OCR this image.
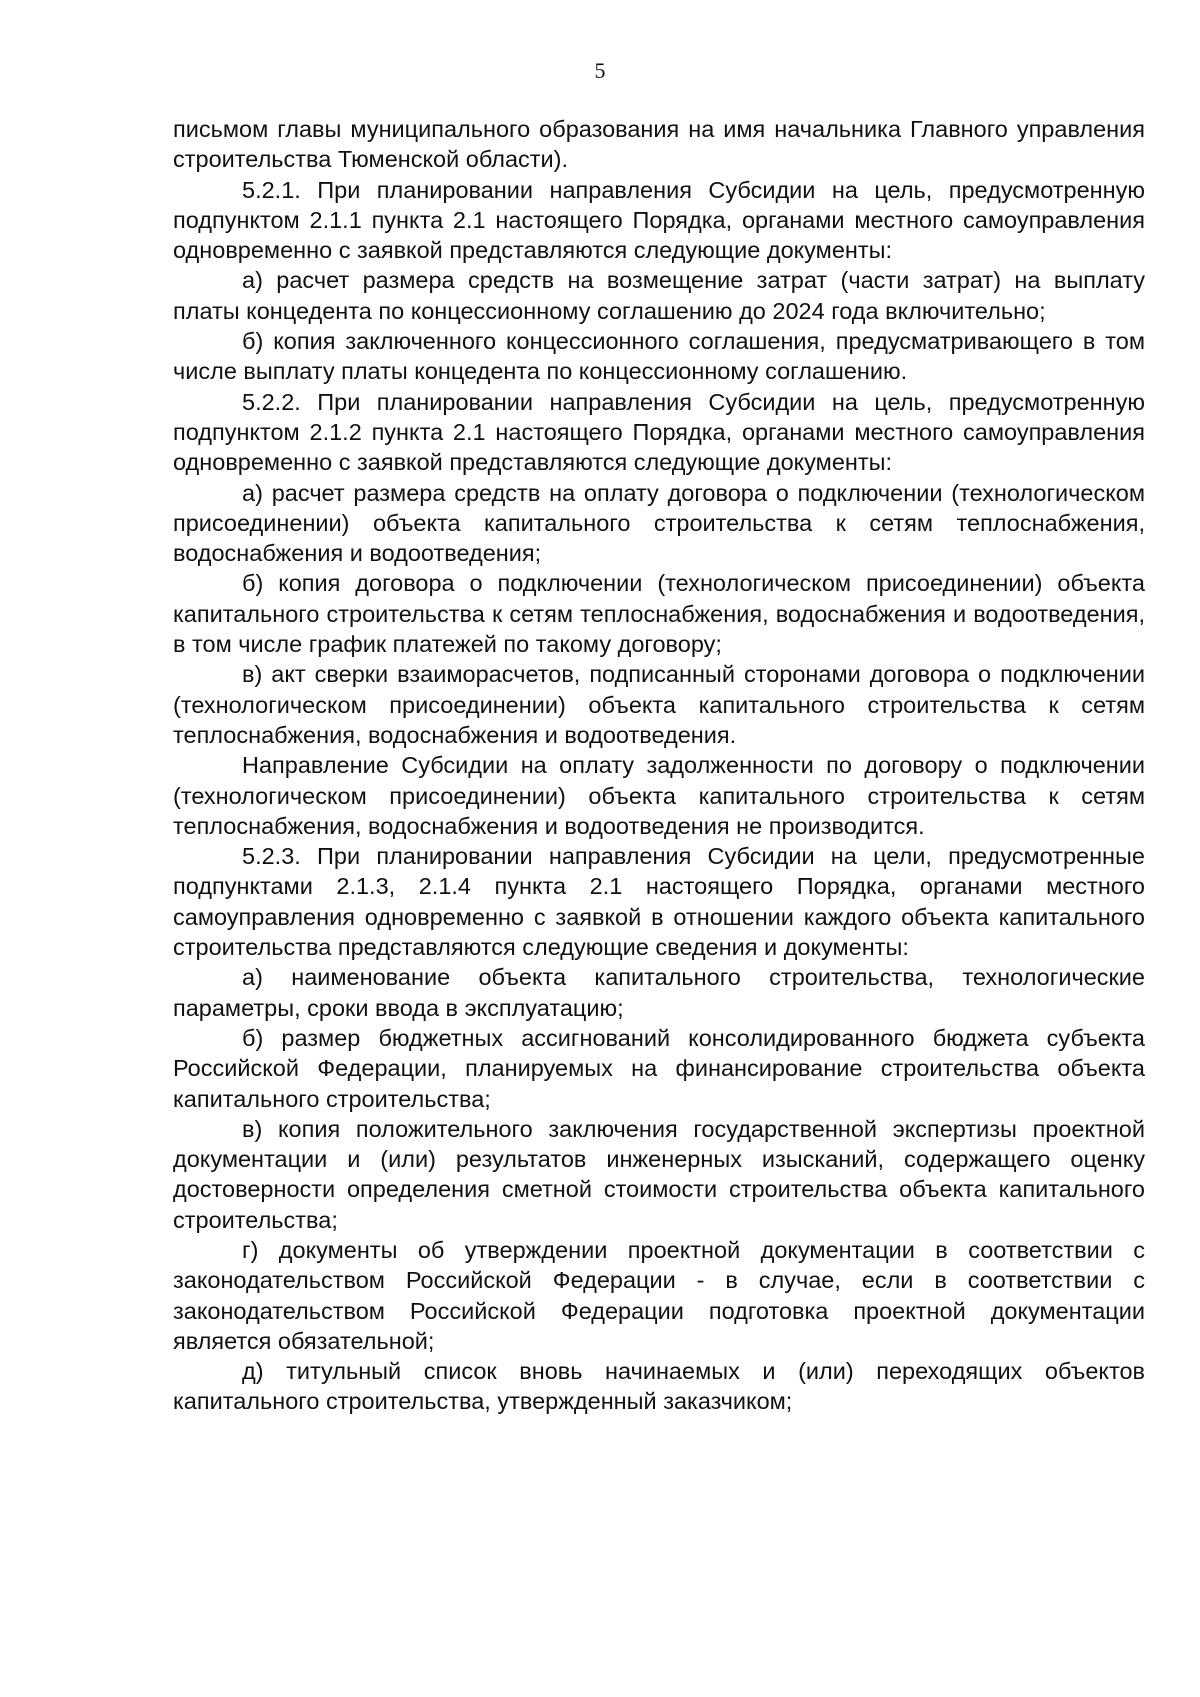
5

письмом главы муниципального образования на имя начальника Главного управления строительства Тюменской области).

5.2.1. При планировании направления Субсидии на цель, предусмотренную подпунктом 2.1.1 пункта 2.1 настоящего Порядка, органами местного самоуправления одновременно с заявкой представляются следующие документы:

а) расчет размера средств на возмещение затрат (части затрат) на выплату платы концедента по концессионному соглашению до 2024 года включительно;

б) копия заключенного концессионного соглашения, предусматривающего в том числе выплату платы концедента по концессионному соглашению.

5.2.2. При планировании направления Субсидии на цель, предусмотренную подпунктом 2.1.2 пункта 2.1 настоящего Порядка, органами местного самоуправления одновременно с заявкой представляются следующие документы:

а) расчет размера средств на оплату договора о подключении (технологическом присоединении) объекта капитального строительства к сетям теплоснабжения, водоснабжения и водоотведения;

б) копия договора о подключении (технологическом присоединении) объекта капитального строительства к сетям теплоснабжения, водоснабжения и водоотведения, в том числе график платежей по такому договору;

в) акт сверки взаиморасчетов, подписанный сторонами договора о подключении (технологическом присоединении) объекта капитального строительства к сетям теплоснабжения, водоснабжения и водоотведения.

Направление Субсидии на оплату задолженности по договору о подключении (технологическом присоединении) объекта капитального строительства к сетям теплоснабжения, водоснабжения и водоотведения не производится.

5.2.3. При планировании направления Субсидии на цели, предусмотренные подпунктами 2.1.3, 2.1.4 пункта 2.1 настоящего Порядка, органами местного самоуправления одновременно с заявкой в отношении каждого объекта капитального строительства представляются следующие сведения и документы:

а) наименование объекта капитального строительства, технологические параметры, сроки ввода в эксплуатацию;

б) размер бюджетных ассигнований консолидированного бюджета субъекта Российской Федерации, планируемых на финансирование строительства объекта капитального строительства;

в) копия положительного заключения государственной экспертизы проектной документации и (или) результатов инженерных изысканий, содержащего оценку достоверности определения сметной стоимости строительства объекта капитального строительства;

г) документы об утверждении проектной документации в соответствии с законодательством Российской Федерации - в случае, если в соответствии с законодательством Российской Федерации подготовка проектной документации является обязательной;

д) титульный список вновь начинаемых и (или) переходящих объектов капитального строительства, утвержденный заказчиком;
